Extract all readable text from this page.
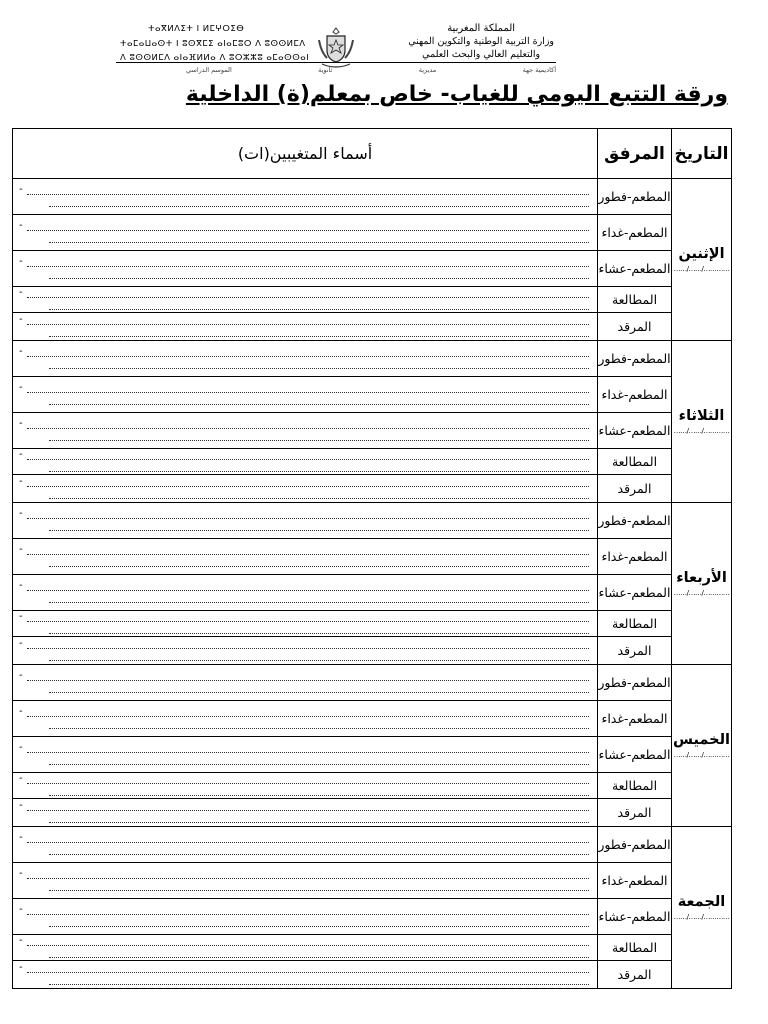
ⵜⴰⴳⵍⴷⵉⵜ ⵏ ⵍⵎⵖⵔⵉⴱ
ⵜⴰⵎⴰⵡⴰⵙⵜ ⵏ ⵓⵙⴳⵎⵉ ⴰⵏⴰⵎⵓⵔ ⴷ ⵓⵙⵙⵍⵎⴷ
ⴷ ⵓⵙⵙⵍⵎⴷ ⴰⵏⴰⴼⵍⵍⴰ ⴷ ⵓⵔⵣⵣⵓ ⴰⵎⴰⵙⵙⴰⵏ
المملكة المغربية
وزارة التربية الوطنية والتكوين المهني
والتعليم العالي والبحث العلمي
أكاديمية جهة
مديرية
ثانوية
الموسم الدراسي
ورقة التتبع اليومي للغياب- خاص بمعلم(ة) الداخلية
التاريخ	المرفق	أسماء المتغيبين(ات)

الإثنين
…………/……/……	المطعم-فطور	-

	المطعم-غداء	-

	المطعم-عشاء	-

	المطالعة	-

	المرقد	-

الثلاثاء
…………/……/……	المطعم-فطور	-

	المطعم-غداء	-

	المطعم-عشاء	-

	المطالعة	-

	المرقد	-

الأربعاء
…………/……/……	المطعم-فطور	-

	المطعم-غداء	-

	المطعم-عشاء	-

	المطالعة	-

	المرقد	-

الخميس
…………/……/……	المطعم-فطور	-

	المطعم-غداء	-

	المطعم-عشاء	-

	المطالعة	-

	المرقد	-

الجمعة
…………/……/……	المطعم-فطور	-

	المطعم-غداء	-

	المطعم-عشاء	-

	المطالعة	-

	المرقد	-
